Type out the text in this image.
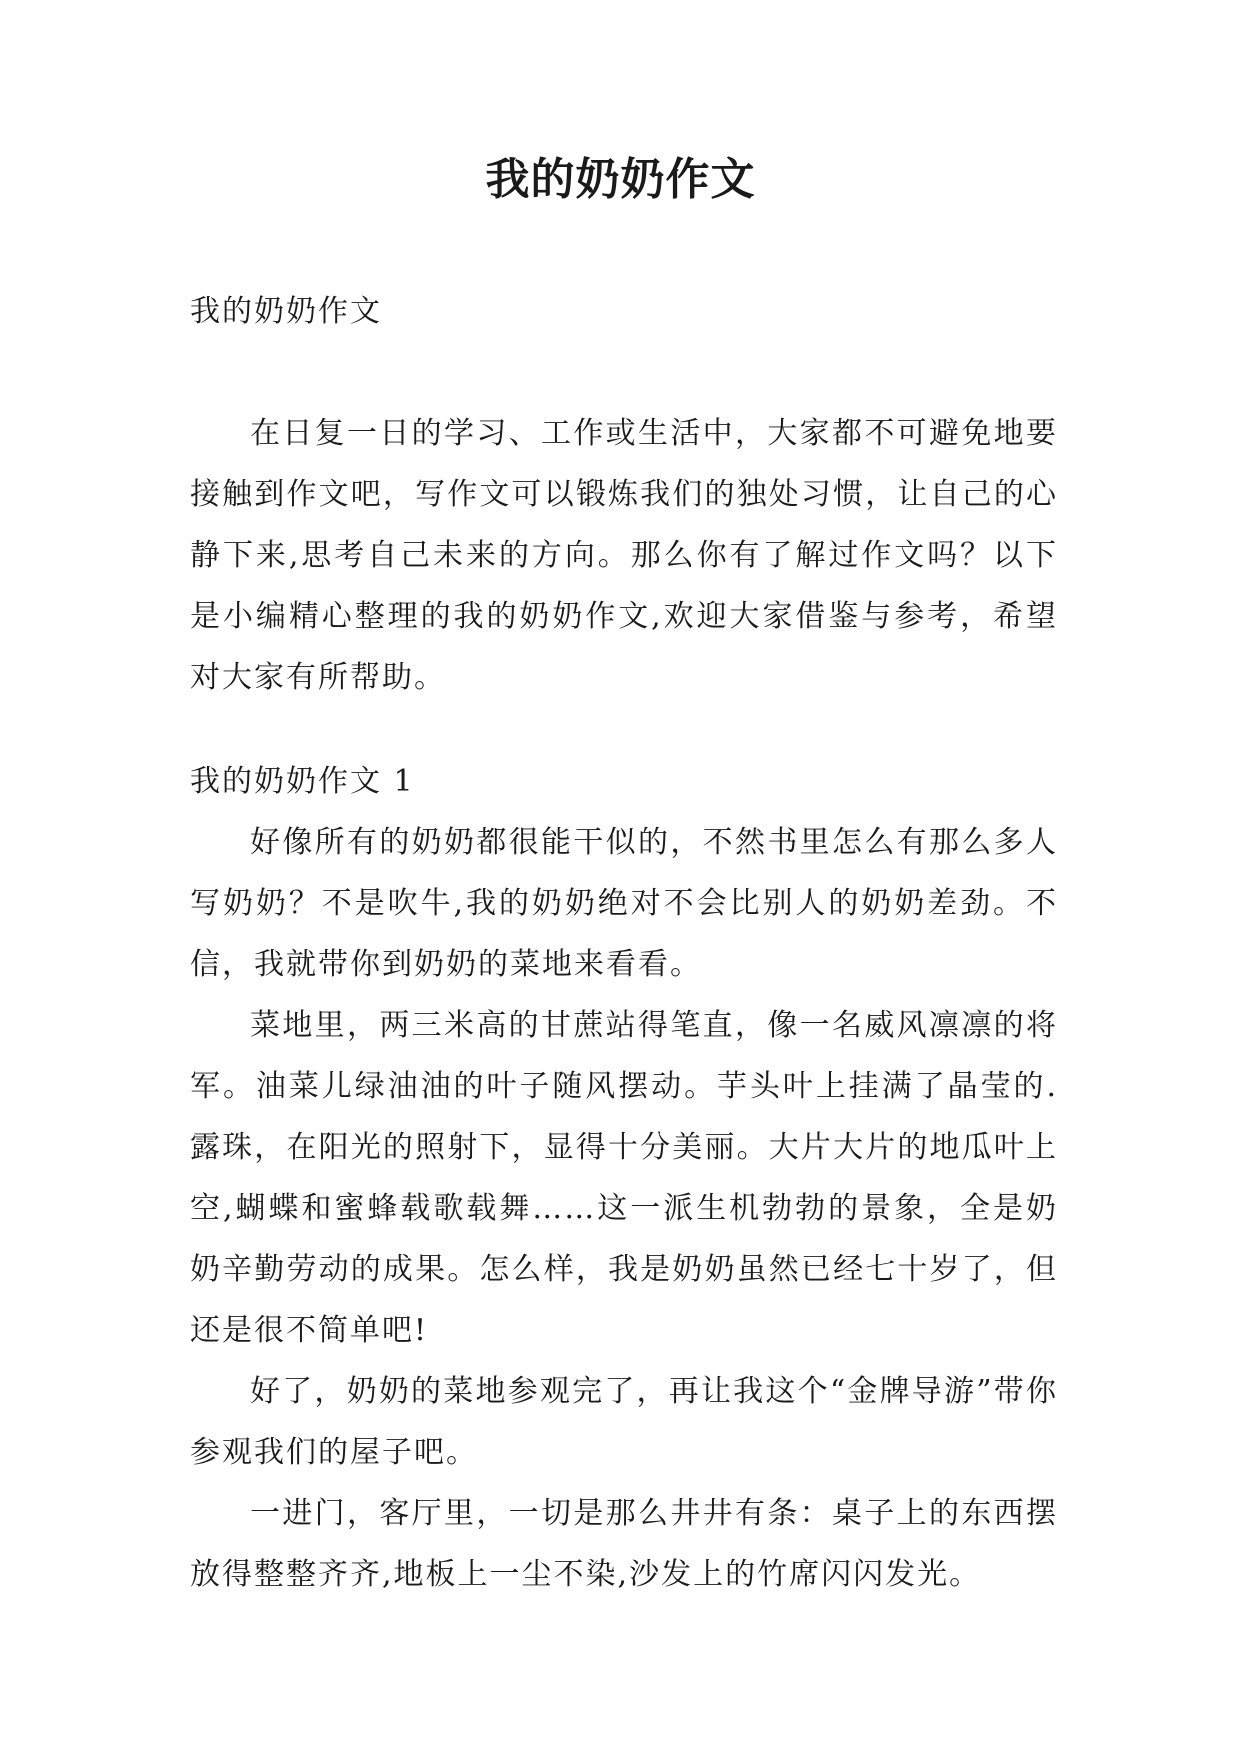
我的奶奶作文
我的奶奶作文

在日复一日的学习、工作或生活中，大家都不可避免地要接触到作文吧，写作文可以锻炼我们的独处习惯，让自己的心静下来,思考自己未来的方向。那么你有了解过作文吗？以下是小编精心整理的我的奶奶作文,欢迎大家借鉴与参考，希望对大家有所帮助。

我的奶奶作文 1

好像所有的奶奶都很能干似的，不然书里怎么有那么多人写奶奶？不是吹牛,我的奶奶绝对不会比别人的奶奶差劲。不信，我就带你到奶奶的菜地来看看。

菜地里，两三米高的甘蔗站得笔直，像一名威风凛凛的将军。油菜儿绿油油的叶子随风摆动。芋头叶上挂满了晶莹的.露珠，在阳光的照射下，显得十分美丽。大片大片的地瓜叶上空,蝴蝶和蜜蜂载歌载舞……这一派生机勃勃的景象，全是奶奶辛勤劳动的成果。怎么样，我是奶奶虽然已经七十岁了，但还是很不简单吧!

好了，奶奶的菜地参观完了，再让我这个“金牌导游”带你参观我们的屋子吧。

一进门，客厅里，一切是那么井井有条：桌子上的东西摆放得整整齐齐,地板上一尘不染,沙发上的竹席闪闪发光。
